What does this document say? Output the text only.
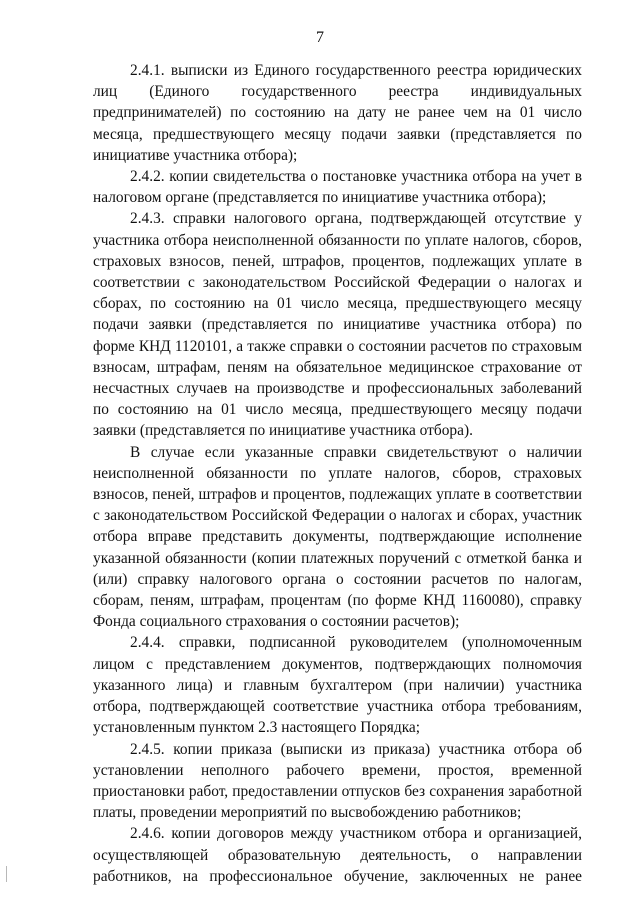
7

2.4.1. выписки из Единого государственного реестра юридических лиц (Единого государственного реестра индивидуальных предпринимателей) по состоянию на дату не ранее чем на 01 число месяца, предшествующего месяцу подачи заявки (представляется по инициативе участника отбора);

2.4.2. копии свидетельства о постановке участника отбора на учет в налоговом органе (представляется по инициативе участника отбора);

2.4.3. справки налогового органа, подтверждающей отсутствие у участника отбора неисполненной обязанности по уплате налогов, сборов, страховых взносов, пеней, штрафов, процентов, подлежащих уплате в соответствии с законодательством Российской Федерации о налогах и сборах, по состоянию на 01 число месяца, предшествующего месяцу подачи заявки (представляется по инициативе участника отбора) по форме КНД 1120101, а также справки о состоянии расчетов по страховым взносам, штрафам, пеням на обязательное медицинское страхование от несчастных случаев на производстве и профессиональных заболеваний по состоянию на 01 число месяца, предшествующего месяцу подачи заявки (представляется по инициативе участника отбора).

В случае если указанные справки свидетельствуют о наличии неисполненной обязанности по уплате налогов, сборов, страховых взносов, пеней, штрафов и процентов, подлежащих уплате в соответствии с законодательством Российской Федерации о налогах и сборах, участник отбора вправе представить документы, подтверждающие исполнение указанной обязанности (копии платежных поручений с отметкой банка и (или) справку налогового органа о состоянии расчетов по налогам, сборам, пеням, штрафам, процентам (по форме КНД 1160080), справку Фонда социального страхования о состоянии расчетов);

2.4.4. справки, подписанной руководителем (уполномоченным лицом с представлением документов, подтверждающих полномочия указанного лица) и главным бухгалтером (при наличии) участника отбора, подтверждающей соответствие участника отбора требованиям, установленным пунктом 2.3 настоящего Порядка;

2.4.5. копии приказа (выписки из приказа) участника отбора об установлении неполного рабочего времени, простоя, временной приостановки работ, предоставлении отпусков без сохранения заработной платы, проведении мероприятий по высвобождению работников;

2.4.6. копии договоров между участником отбора и организацией, осуществляющей образовательную деятельность, о направлении работников, на профессиональное обучение, заключенных не ранее
